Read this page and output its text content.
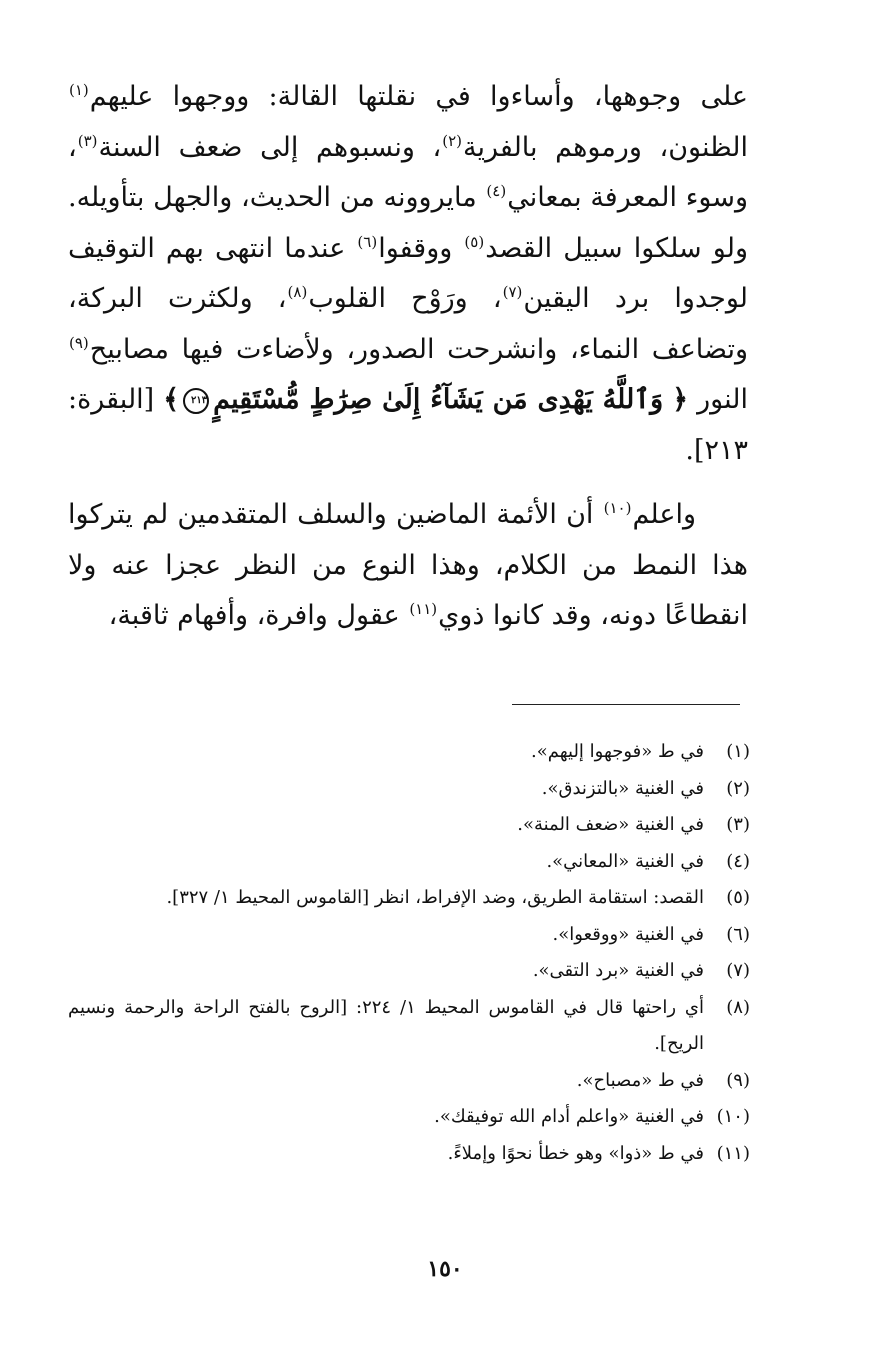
على وجوهها، وأساءوا في نقلتها القالة: ووجهوا عليهم$^{(١)}$ الظنون، ورموهم بالفرية$^{(٢)}$، ونسبوهم إلى ضعف السنة$^{(٣)}$، وسوء المعرفة بمعاني$^{(٤)}$ مايروونه من الحديث، والجهل بتأويله. ولو سلكوا سبيل القصد$^{(٥)}$ ووقفوا$^{(٦)}$ عندما انتهى بهم التوقيف لوجدوا برد اليقين$^{(٧)}$، ورَوْح القلوب$^{(٨)}$، ولكثرت البركة، وتضاعف النماء، وانشرحت الصدور، ولأضاءت فيها مصابيح$^{(٩)}$ النور ﴿ وَٱللَّهُ يَهْدِى مَن يَشَآءُ إِلَىٰ صِرَٰطٍ مُّسْتَقِيمٍ٢١٣﴾ [البقرة: ٢١٣].

واعلم$^{(١٠)}$ أن الأئمة الماضين والسلف المتقدمين لم يتركوا هذا النمط من الكلام، وهذا النوع من النظر عجزا عنه ولا انقطاعًا دونه، وقد كانوا ذوي$^{(١١)}$ عقول وافرة، وأفهام ثاقبة،

(١)
في ط «فوجهوا إليهم».
(٢)
في الغنية «بالتزندق».
(٣)
في الغنية «ضعف المنة».
(٤)
في الغنية «المعاني».
(٥)
القصد: استقامة الطريق، وضد الإفراط، انظر [القاموس المحيط ١/ ٣٢٧].
(٦)
في الغنية «ووقعوا».
(٧)
في الغنية «برد التقى».
(٨)
أي راحتها قال في القاموس المحيط ١/ ٢٢٤: [الروح بالفتح الراحة والرحمة ونسيم الريح].
(٩)
في ط «مصباح».
(١٠)
في الغنية «واعلم أدام الله توفيقك».
(١١)
في ط «ذوا» وهو خطأ نحوًا وإملاءً.
١٥٠
